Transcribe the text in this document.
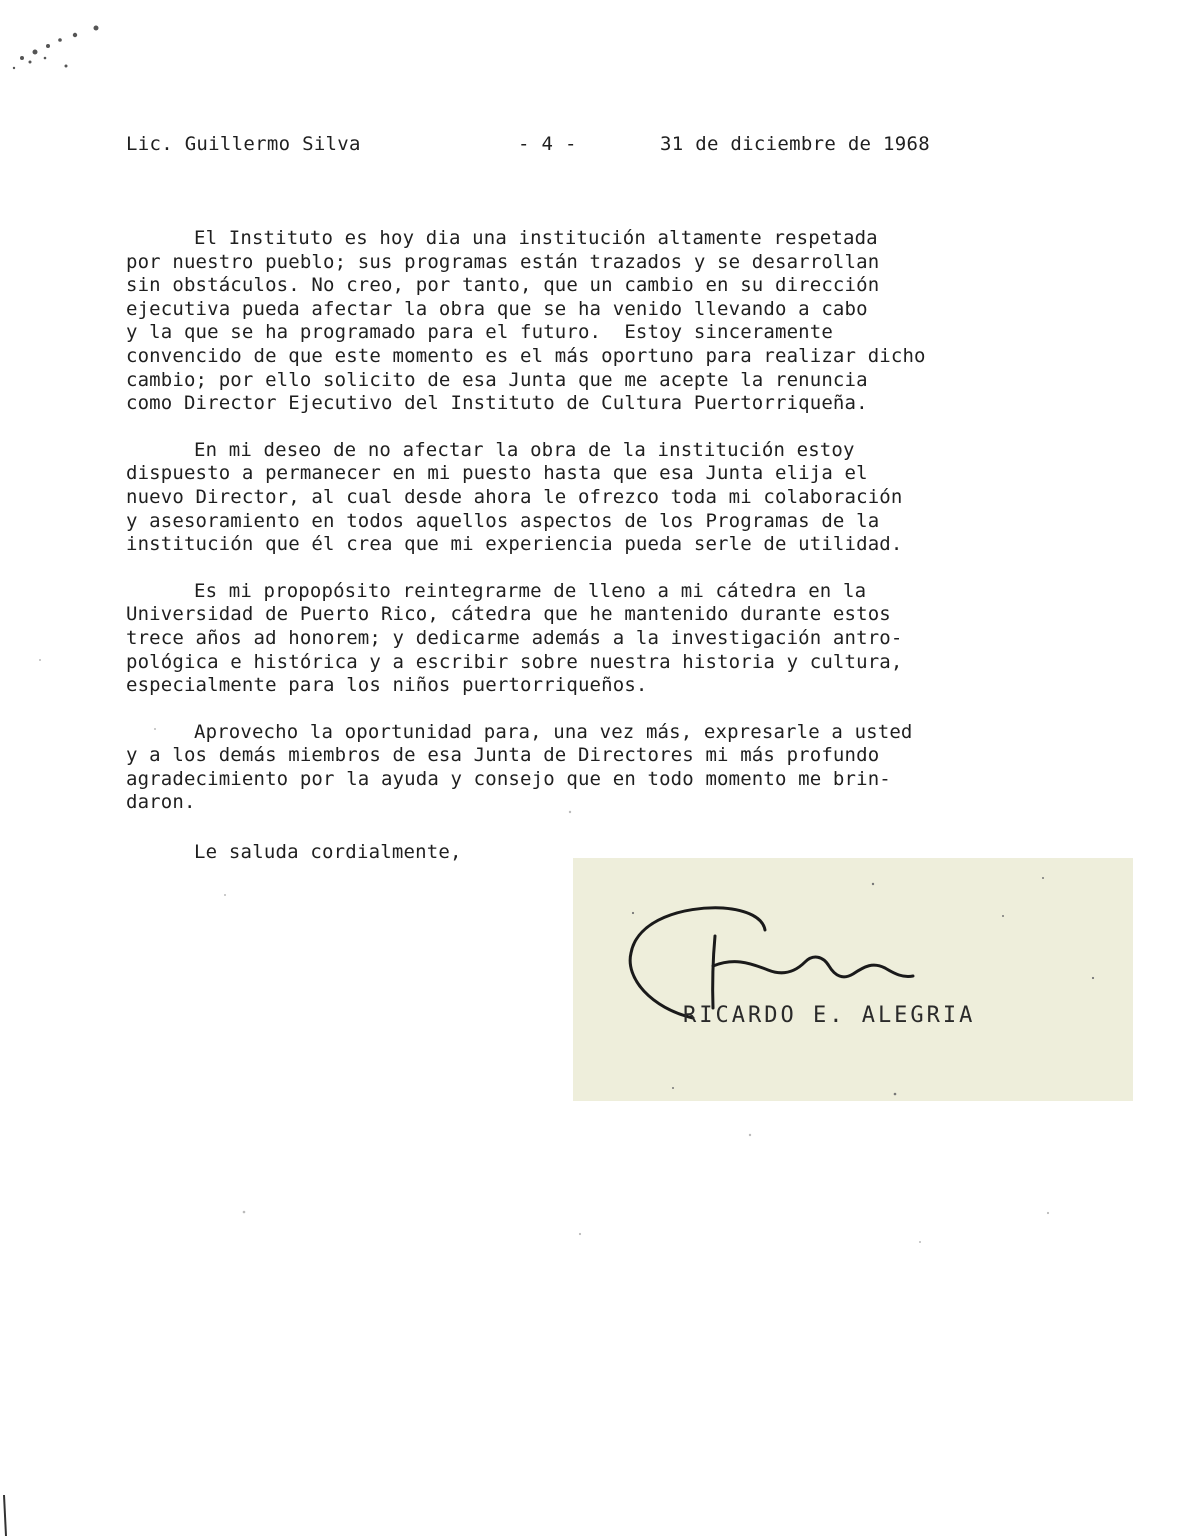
Lic. Guillermo Silva	- 4 -	31 de diciembre de 1968
El Instituto es hoy dia una institución altamente respetada
por nuestro pueblo; sus programas están trazados y se desarrollan
sin obstáculos. No creo, por tanto, que un cambio en su dirección
ejecutiva pueda afectar la obra que se ha venido llevando a cabo
y la que se ha programado para el futuro.  Estoy sinceramente
convencido de que este momento es el más oportuno para realizar dicho
cambio; por ello solicito de esa Junta que me acepte la renuncia
como Director Ejecutivo del Instituto de Cultura Puertorriqueña.
En mi deseo de no afectar la obra de la institución estoy
dispuesto a permanecer en mi puesto hasta que esa Junta elija el
nuevo Director, al cual desde ahora le ofrezco toda mi colaboración
y asesoramiento en todos aquellos aspectos de los Programas de la
institución que él crea que mi experiencia pueda serle de utilidad.
Es mi propopósito reintegrarme de lleno a mi cátedra en la
Universidad de Puerto Rico, cátedra que he mantenido durante estos
trece años ad honorem; y dedicarme además a la investigación antro-
pológica e histórica y a escribir sobre nuestra historia y cultura,
especialmente para los niños puertorriqueños.
Aprovecho la oportunidad para, una vez más, expresarle a usted
y a los demás miembros de esa Junta de Directores mi más profundo
agradecimiento por la ayuda y consejo que en todo momento me brin-
daron.
Le saluda cordialmente,
RICARDO E. ALEGRIA
